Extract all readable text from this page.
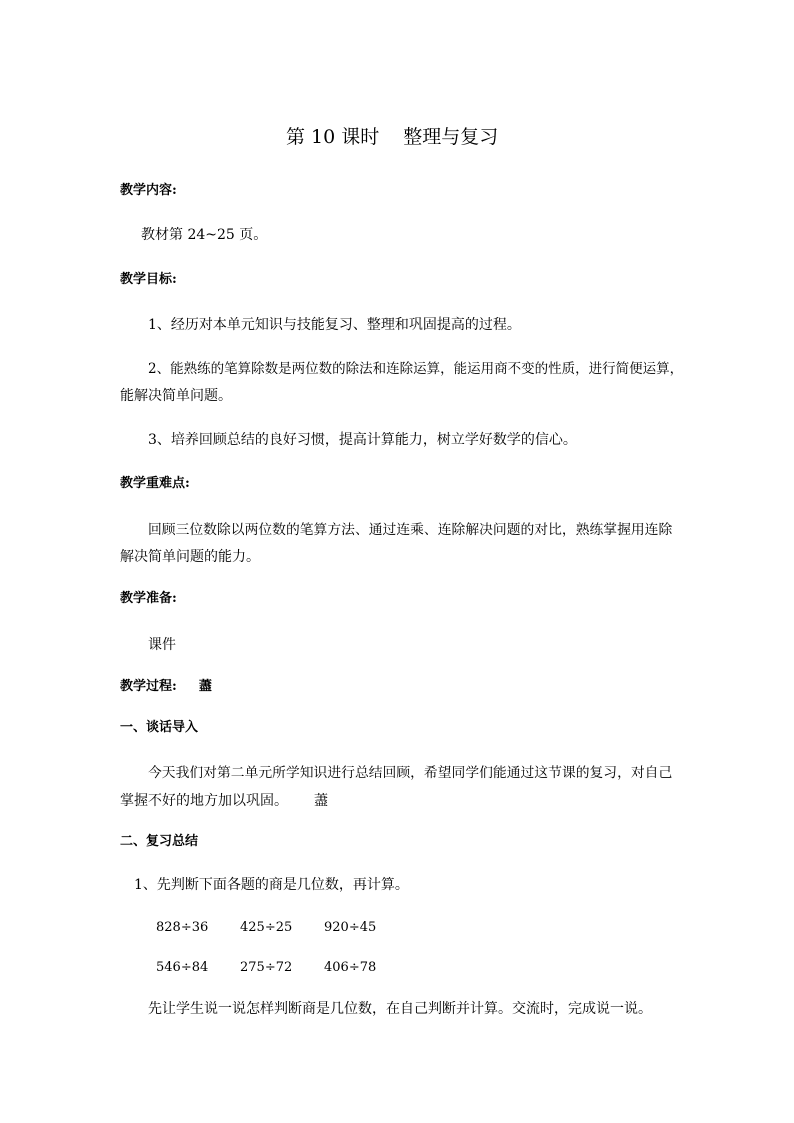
第 10 课时 整理与复习
教学内容:
教材第 24~25 页。
教学目标:
1、经历对本单元知识与技能复习、整理和巩固提高的过程。
2、能熟练的笔算除数是两位数的除法和连除运算，能运用商不变的性质，进行简便运算，
能解决简单问题。
3、培养回顾总结的良好习惯，提高计算能力，树立学好数学的信心。
教学重难点:
回顾三位数除以两位数的笔算方法、通过连乘、连除解决问题的对比，熟练掌握用连除
解决简单问题的能力。
教学准备:
课件
教学过程: 藎
一、谈话导入
今天我们对第二单元所学知识进行总结回顾，希望同学们能通过这节课的复习，对自己
掌握不好的地方加以巩固。 藎
二、复习总结
1、先判断下面各题的商是几位数，再计算。
828÷36 425÷25 920÷45
546÷84 275÷72 406÷78
先让学生说一说怎样判断商是几位数，在自己判断并计算。交流时，完成说一说。
